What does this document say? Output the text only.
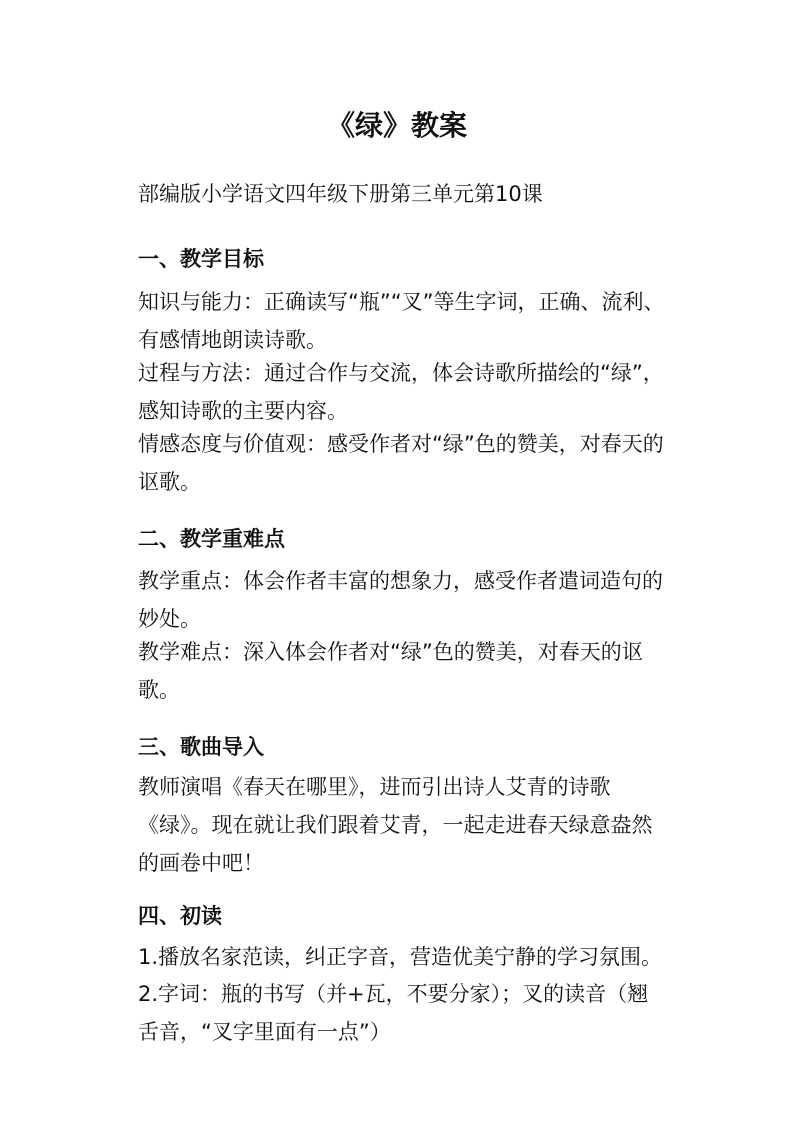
《绿》教案

部编版小学语文四年级下册第三单元第10课

一、教学目标

知识与能力：正确读写“瓶”“叉”等生字词，正确、流利、
有感情地朗读诗歌。

过程与方法：通过合作与交流，体会诗歌所描绘的“绿”，
感知诗歌的主要内容。

情感态度与价值观：感受作者对“绿”色的赞美，对春天的
讴歌。

二、教学重难点

教学重点：体会作者丰富的想象力，感受作者遣词造句的
妙处。

教学难点：深入体会作者对“绿”色的赞美，对春天的讴
歌。

三、歌曲导入

教师演唱《春天在哪里》，进而引出诗人艾青的诗歌
《绿》。现在就让我们跟着艾青，一起走进春天绿意盎然
的画卷中吧！

四、初读

1.播放名家范读，纠正字音，营造优美宁静的学习氛围。

2.字词：瓶的书写（并+瓦，不要分家）；叉的读音（翘
舌音，“叉字里面有一点”）
